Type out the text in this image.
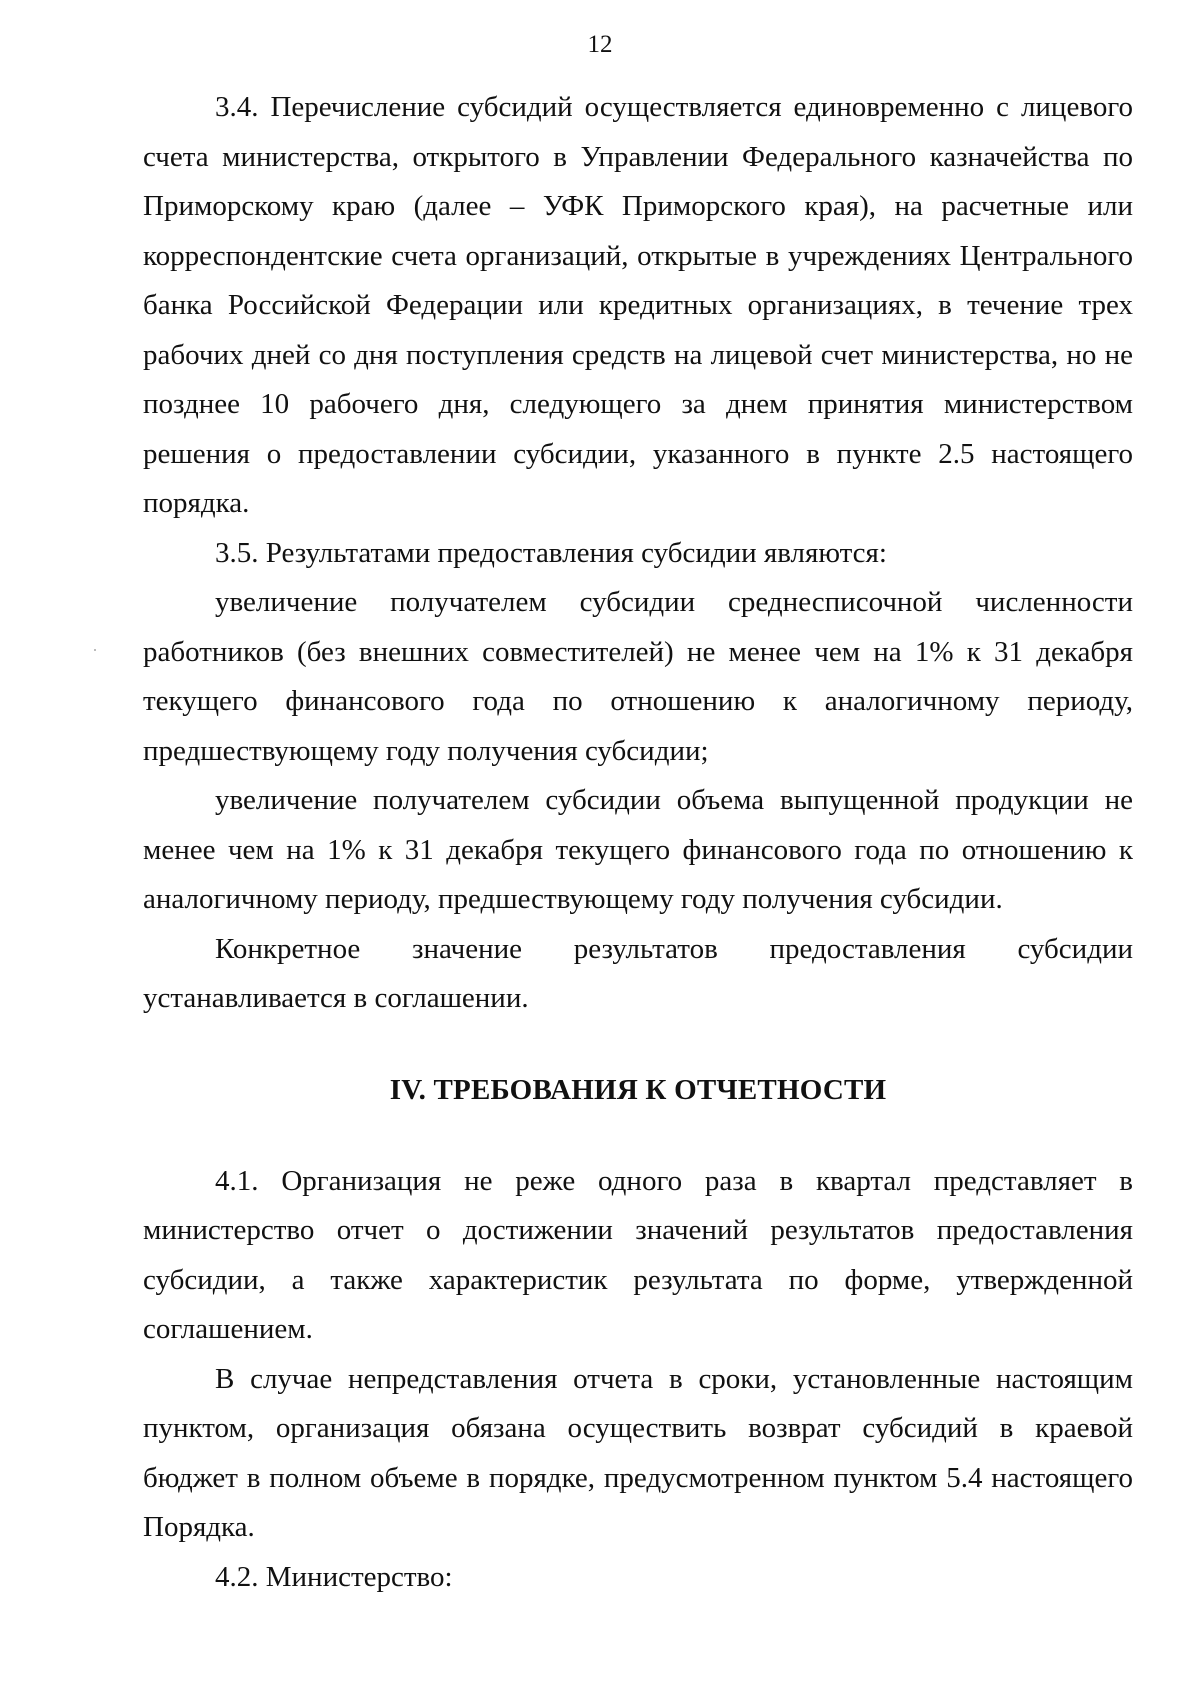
12

3.4. Перечисление субсидий осуществляется единовременно с лицевого счета министерства, открытого в Управлении Федерального казначейства по Приморскому краю (далее – УФК Приморского края), на расчетные или корреспондентские счета организаций, открытые в учреждениях Центрального банка Российской Федерации или кредитных организациях, в течение трех рабочих дней со дня поступления средств на лицевой счет министерства, но не позднее 10 рабочего дня, следующего за днем принятия министерством решения о предоставлении субсидии, указанного в пункте 2.5 настоящего порядка.

3.5. Результатами предоставления субсидии являются:

увеличение получателем субсидии среднесписочной численности работников (без внешних совместителей) не менее чем на 1% к 31 декабря текущего финансового года по отношению к аналогичному периоду, предшествующему году получения субсидии;

увеличение получателем субсидии объема выпущенной продукции не менее чем на 1% к 31 декабря текущего финансового года по отношению к аналогичному периоду, предшествующему году получения субсидии.

Конкретное значение результатов предоставления субсидии устанавливается в соглашении.

IV. ТРЕБОВАНИЯ К ОТЧЕТНОСТИ

4.1. Организация не реже одного раза в квартал представляет в министерство отчет о достижении значений результатов предоставления субсидии, а также характеристик результата по форме, утвержденной соглашением.

В случае непредставления отчета в сроки, установленные настоящим пунктом, организация обязана осуществить возврат субсидий в краевой бюджет в полном объеме в порядке, предусмотренном пунктом 5.4 настоящего Порядка.

4.2. Министерство:
